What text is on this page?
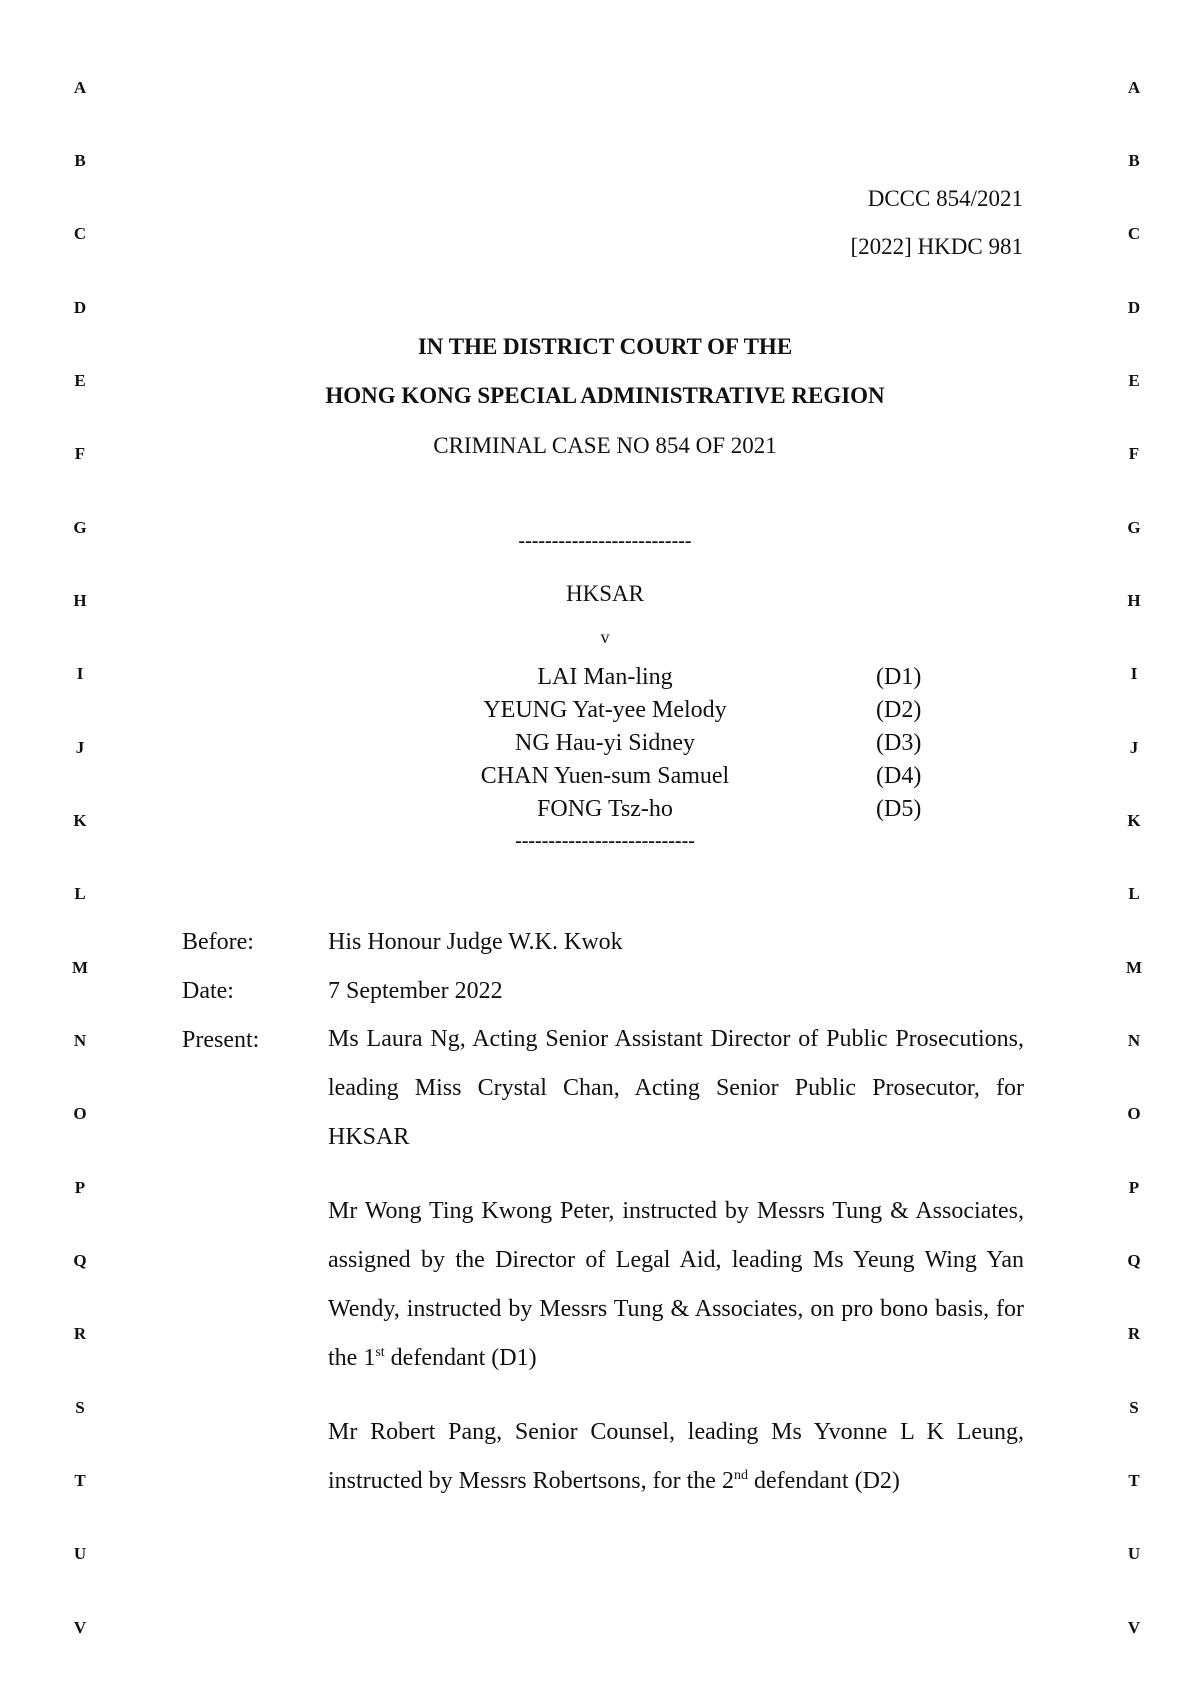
A
B
C
D
E
F
G
H
I
J
K
L
M
N
O
P
Q
R
S
T
U
V
A
B
C
D
E
F
G
H
I
J
K
L
M
N
O
P
Q
R
S
T
U
V
DCCC 854/2021
[2022] HKDC 981
IN THE DISTRICT COURT OF THE
HONG KONG SPECIAL ADMINISTRATIVE REGION
CRIMINAL CASE NO 854 OF 2021
--------------------------
HKSAR
v
LAI Man-ling	(D1)
YEUNG Yat-yee Melody	(D2)
NG Hau-yi Sidney	(D3)
CHAN Yuen-sum Samuel	(D4)
FONG Tsz-ho	(D5)
---------------------------
Before:	His Honour Judge W.K. Kwok
Date:	7 September 2022
Present:	Ms Laura Ng, Acting Senior Assistant Director of Public Prosecutions, leading Miss Crystal Chan, Acting Senior Public Prosecutor, for HKSAR
Mr Wong Ting Kwong Peter, instructed by Messrs Tung & Associates, assigned by the Director of Legal Aid, leading Ms Yeung Wing Yan Wendy, instructed by Messrs Tung & Associates, on pro bono basis, for the 1st defendant (D1)
Mr Robert Pang, Senior Counsel, leading Ms Yvonne L K Leung, instructed by Messrs Robertsons, for the 2nd defendant (D2)
